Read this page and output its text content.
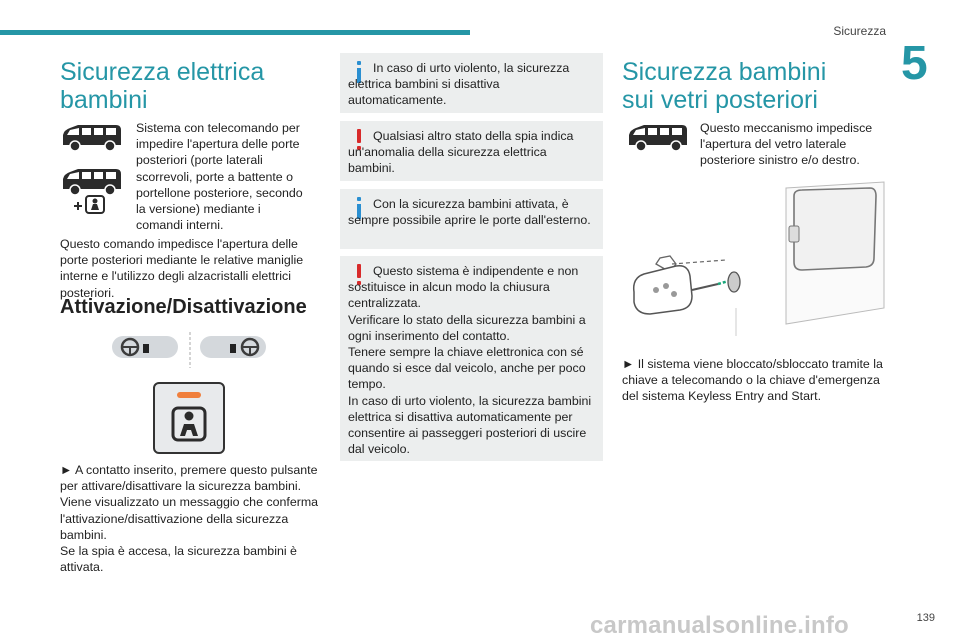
Sicurezza
5
Sicurezza elettrica bambini

Sistema con telecomando per impedire l'apertura delle porte posteriori (porte laterali scorrevoli, porte a battente o portellone posteriore, secondo la versione) mediante i comandi interni.

Questo comando impedisce l'apertura delle porte posteriori mediante le relative maniglie interne e l'utilizzo degli alzacristalli elettrici posteriori.

Attivazione/Disattivazione

► A contatto inserito, premere questo pulsante per attivare/disattivare la sicurezza bambini.
Viene visualizzato un messaggio che conferma l'attivazione/disattivazione della sicurezza bambini.
Se la spia è accesa, la sicurezza bambini è attivata.

In caso di urto violento, la sicurezza elettrica bambini si disattiva automaticamente.
Qualsiasi altro stato della spia indica un'anomalia della sicurezza elettrica bambini.
Con la sicurezza bambini attivata, è sempre possibile aprire le porte dall'esterno.
Questo sistema è indipendente e non sostituisce in alcun modo la chiusura centralizzata.
Verificare lo stato della sicurezza bambini a ogni inserimento del contatto.
Tenere sempre la chiave elettronica con sé quando si esce dal veicolo, anche per poco tempo.
In caso di urto violento, la sicurezza bambini elettrica si disattiva automaticamente per consentire ai passeggeri posteriori di uscire dal veicolo.
Sicurezza bambini sui vetri posteriori

Questo meccanismo impedisce l'apertura del vetro laterale posteriore sinistro e/o destro.

► Il sistema viene bloccato/sbloccato tramite la chiave a telecomando o la chiave d'emergenza del sistema Keyless Entry and Start.

139
carmanualsonline.info
